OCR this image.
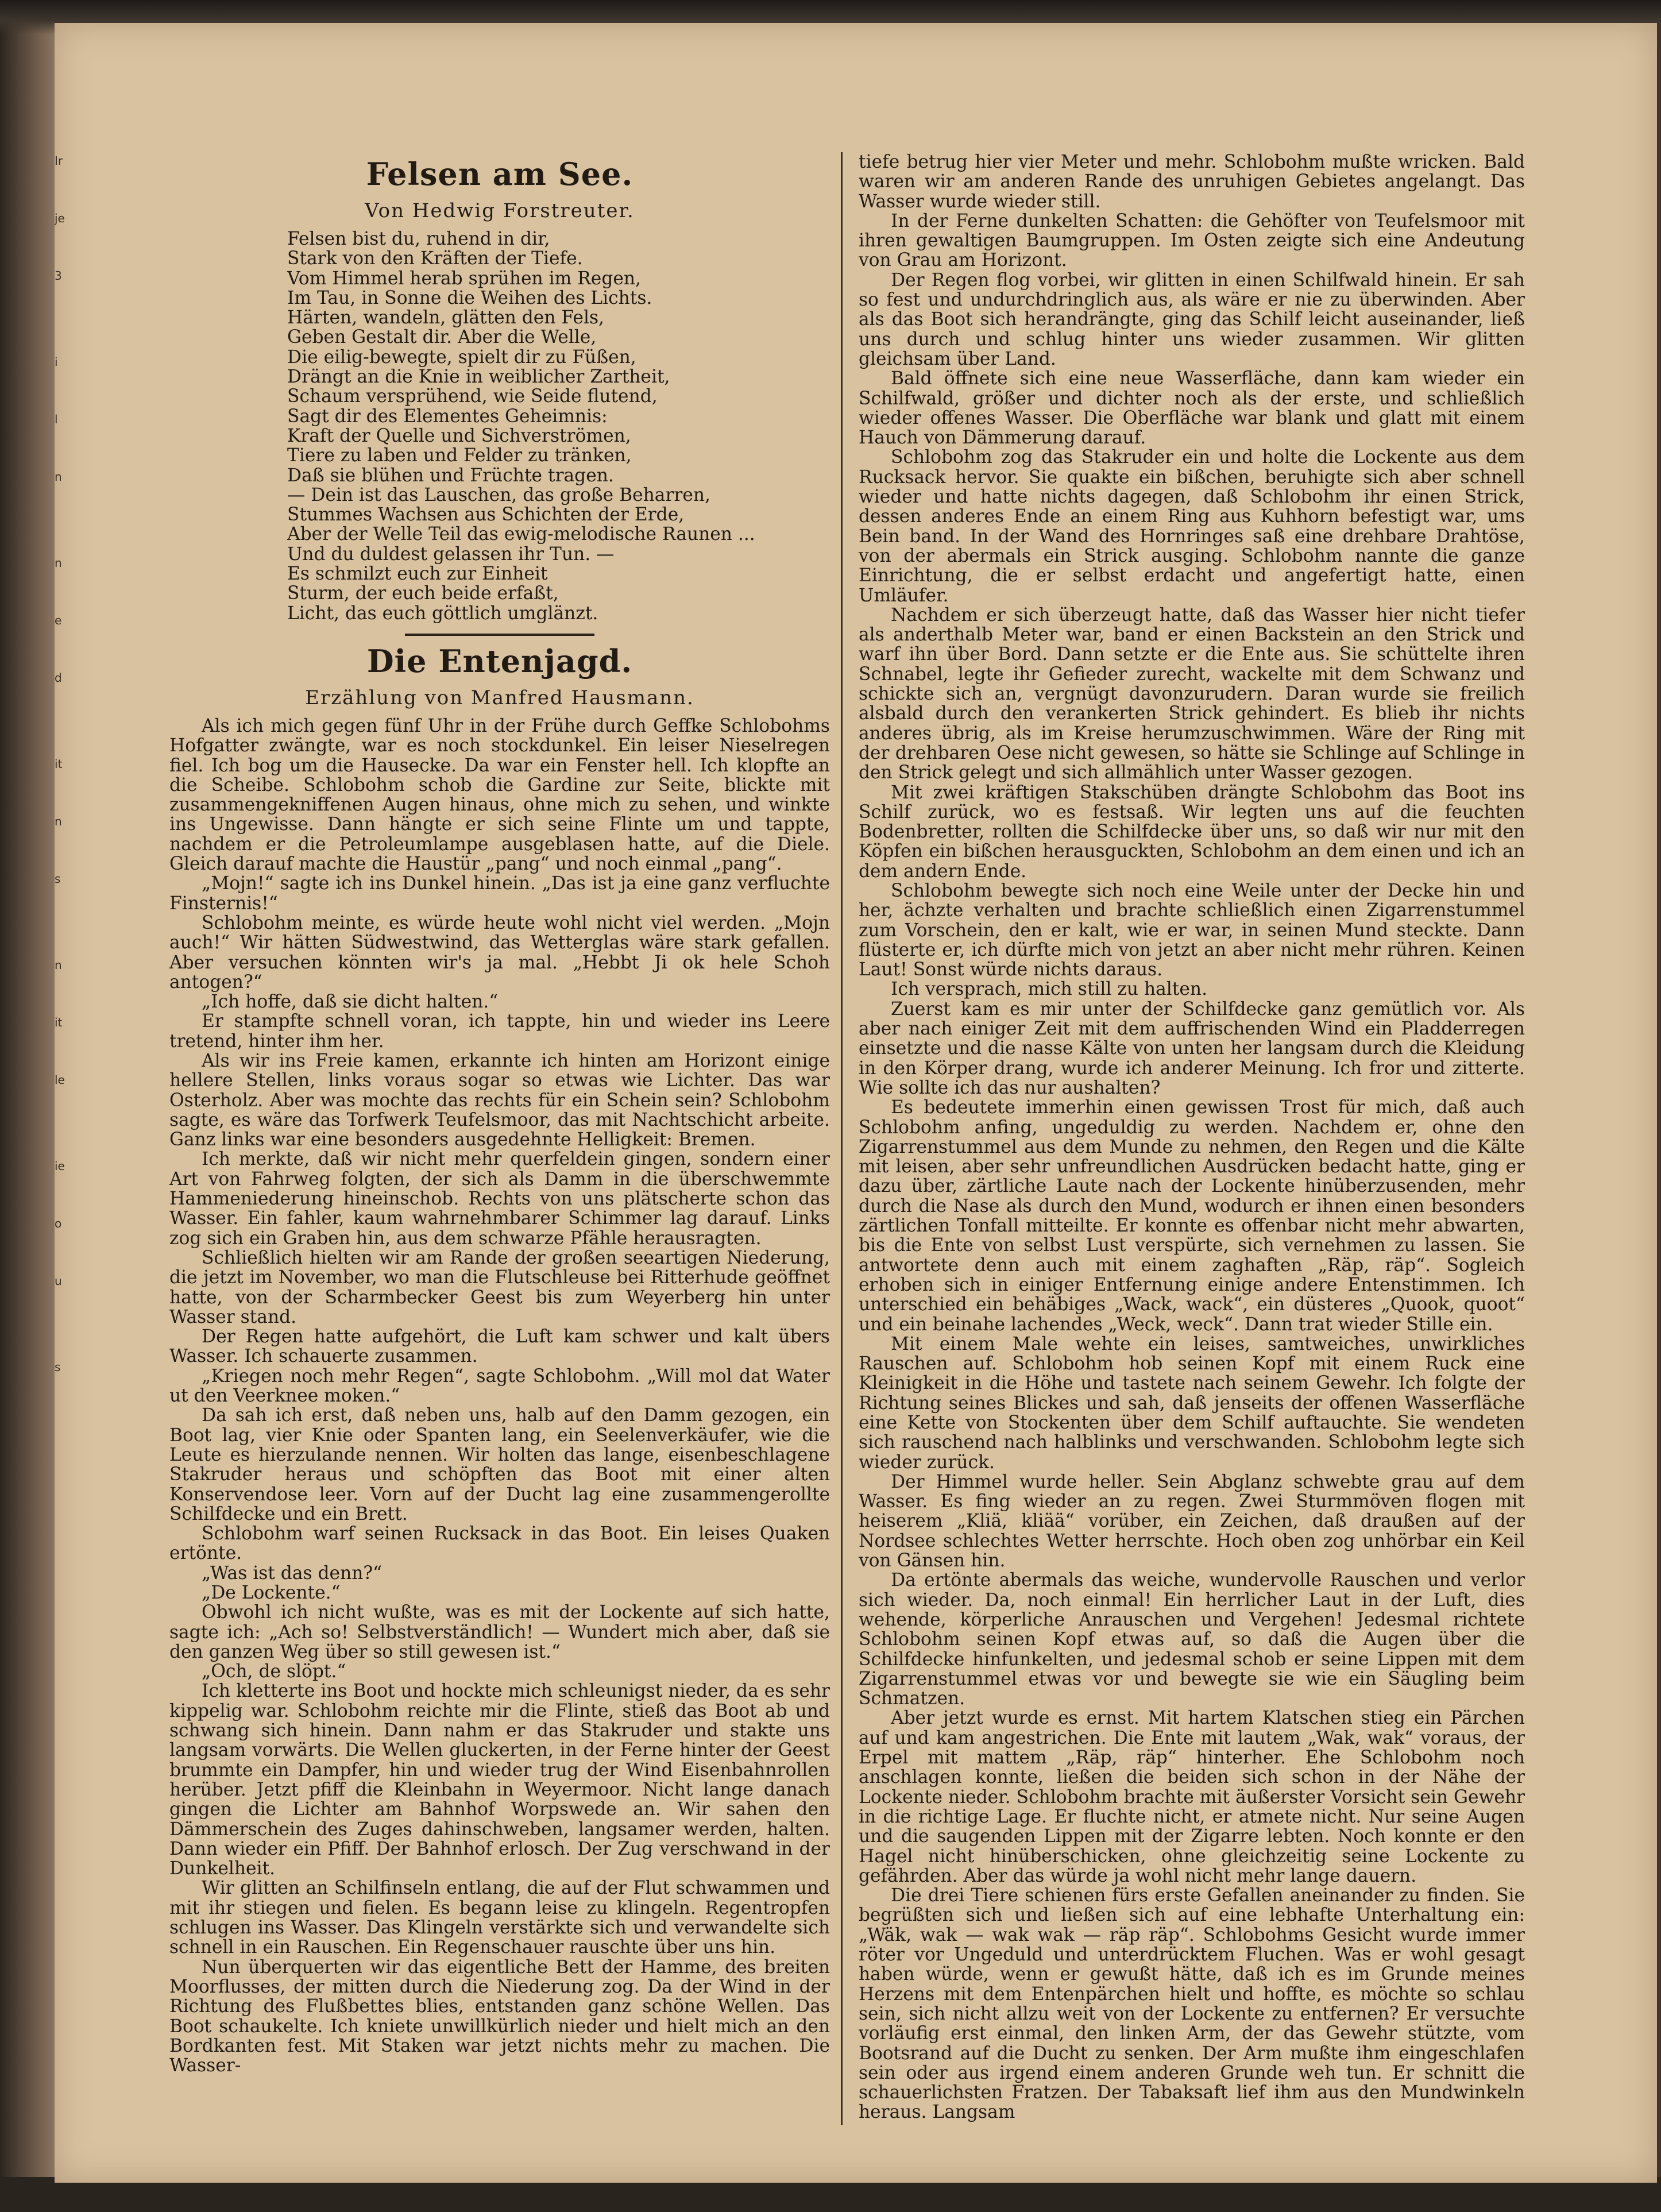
Ir
je
3
i
l
n
n
e
d
it
n
s
n
it
le
ie
o
u
s
Felsen am See.
Von Hedwig Forstreuter.
Felsen bist du, ruhend in dir,
Stark von den Kräften der Tiefe.
Vom Himmel herab sprühen im Regen,
Im Tau, in Sonne die Weihen des Lichts.
Härten, wandeln, glätten den Fels,
Geben Gestalt dir. Aber die Welle,
Die eilig-bewegte, spielt dir zu Füßen,
Drängt an die Knie in weiblicher Zartheit,
Schaum versprühend, wie Seide flutend,
Sagt dir des Elementes Geheimnis:
Kraft der Quelle und Sichverströmen,
Tiere zu laben und Felder zu tränken,
Daß sie blühen und Früchte tragen.
— Dein ist das Lauschen, das große Beharren,
Stummes Wachsen aus Schichten der Erde,
Aber der Welle Teil das ewig-melodische Raunen ...
Und du duldest gelassen ihr Tun. —
Es schmilzt euch zur Einheit
Sturm, der euch beide erfaßt,
Licht, das euch göttlich umglänzt.
Die Entenjagd.
Erzählung von Manfred Hausmann.
Als ich mich gegen fünf Uhr in der Frühe durch Geffke Schlobohms Hofgatter zwängte, war es noch stockdunkel. Ein leiser Nieselregen fiel. Ich bog um die Hausecke. Da war ein Fenster hell. Ich klopfte an die Scheibe. Schlobohm schob die Gardine zur Seite, blickte mit zusammengekniffenen Augen hinaus, ohne mich zu sehen, und winkte ins Ungewisse. Dann hängte er sich seine Flinte um und tappte, nachdem er die Petroleumlampe ausgeblasen hatte, auf die Diele. Gleich darauf machte die Haustür „pang“ und noch einmal „pang“.
„Mojn!“ sagte ich ins Dunkel hinein. „Das ist ja eine ganz verfluchte Finsternis!“
Schlobohm meinte, es würde heute wohl nicht viel werden. „Mojn auch!“ Wir hätten Südwestwind, das Wetterglas wäre stark gefallen. Aber versuchen könnten wir's ja mal. „Hebbt Ji ok hele Schoh antogen?“
„Ich hoffe, daß sie dicht halten.“
Er stampfte schnell voran, ich tappte, hin und wieder ins Leere tretend, hinter ihm her.
Als wir ins Freie kamen, erkannte ich hinten am Horizont einige hellere Stellen, links voraus sogar so etwas wie Lichter. Das war Osterholz. Aber was mochte das rechts für ein Schein sein? Schlobohm sagte, es wäre das Torfwerk Teufelsmoor, das mit Nachtschicht arbeite. Ganz links war eine besonders ausgedehnte Helligkeit: Bremen.
Ich merkte, daß wir nicht mehr querfeldein gingen, sondern einer Art von Fahrweg folgten, der sich als Damm in die überschwemmte Hammeniederung hineinschob. Rechts von uns plätscherte schon das Wasser. Ein fahler, kaum wahrnehmbarer Schimmer lag darauf. Links zog sich ein Graben hin, aus dem schwarze Pfähle herausragten.
Schließlich hielten wir am Rande der großen seeartigen Niederung, die jetzt im November, wo man die Flutschleuse bei Ritterhude geöffnet hatte, von der Scharmbecker Geest bis zum Weyerberg hin unter Wasser stand.
Der Regen hatte aufgehört, die Luft kam schwer und kalt übers Wasser. Ich schauerte zusammen.
„Kriegen noch mehr Regen“, sagte Schlobohm. „Will mol dat Water ut den Veerknee moken.“
Da sah ich erst, daß neben uns, halb auf den Damm gezogen, ein Boot lag, vier Knie oder Spanten lang, ein Seelenverkäufer, wie die Leute es hierzulande nennen. Wir holten das lange, eisenbeschlagene Stakruder heraus und schöpften das Boot mit einer alten Konservendose leer. Vorn auf der Ducht lag eine zusammengerollte Schilfdecke und ein Brett.
Schlobohm warf seinen Rucksack in das Boot. Ein leises Quaken ertönte.
„Was ist das denn?“
„De Lockente.“
Obwohl ich nicht wußte, was es mit der Lockente auf sich hatte, sagte ich: „Ach so! Selbstverständlich! — Wundert mich aber, daß sie den ganzen Weg über so still gewesen ist.“
„Och, de slöpt.“
Ich kletterte ins Boot und hockte mich schleunigst nieder, da es sehr kippelig war. Schlobohm reichte mir die Flinte, stieß das Boot ab und schwang sich hinein. Dann nahm er das Stakruder und stakte uns langsam vorwärts. Die Wellen gluckerten, in der Ferne hinter der Geest brummte ein Dampfer, hin und wieder trug der Wind Eisenbahnrollen herüber. Jetzt pfiff die Kleinbahn in Weyermoor. Nicht lange danach gingen die Lichter am Bahnhof Worpswede an. Wir sahen den Dämmerschein des Zuges dahinschweben, langsamer werden, halten. Dann wieder ein Pfiff. Der Bahnhof erlosch. Der Zug verschwand in der Dunkelheit.
Wir glitten an Schilfinseln entlang, die auf der Flut schwammen und mit ihr stiegen und fielen. Es begann leise zu klingeln. Regentropfen schlugen ins Wasser. Das Klingeln verstärkte sich und verwandelte sich schnell in ein Rauschen. Ein Regenschauer rauschte über uns hin.
Nun überquerten wir das eigentliche Bett der Hamme, des breiten Moorflusses, der mitten durch die Niederung zog. Da der Wind in der Richtung des Flußbettes blies, entstanden ganz schöne Wellen. Das Boot schaukelte. Ich kniete unwillkürlich nieder und hielt mich an den Bordkanten fest. Mit Staken war jetzt nichts mehr zu machen. Die Wasser-
tiefe betrug hier vier Meter und mehr. Schlobohm mußte wricken. Bald waren wir am anderen Rande des unruhigen Gebietes angelangt. Das Wasser wurde wieder still.
In der Ferne dunkelten Schatten: die Gehöfter von Teufelsmoor mit ihren gewaltigen Baumgruppen. Im Osten zeigte sich eine Andeutung von Grau am Horizont.
Der Regen flog vorbei, wir glitten in einen Schilfwald hinein. Er sah so fest und undurchdringlich aus, als wäre er nie zu überwinden. Aber als das Boot sich herandrängte, ging das Schilf leicht auseinander, ließ uns durch und schlug hinter uns wieder zusammen. Wir glitten gleichsam über Land.
Bald öffnete sich eine neue Wasserfläche, dann kam wieder ein Schilfwald, größer und dichter noch als der erste, und schließlich wieder offenes Wasser. Die Oberfläche war blank und glatt mit einem Hauch von Dämmerung darauf.
Schlobohm zog das Stakruder ein und holte die Lockente aus dem Rucksack hervor. Sie quakte ein bißchen, beruhigte sich aber schnell wieder und hatte nichts dagegen, daß Schlobohm ihr einen Strick, dessen anderes Ende an einem Ring aus Kuhhorn befestigt war, ums Bein band. In der Wand des Hornringes saß eine drehbare Drahtöse, von der abermals ein Strick ausging. Schlobohm nannte die ganze Einrichtung, die er selbst erdacht und angefertigt hatte, einen Umläufer.
Nachdem er sich überzeugt hatte, daß das Wasser hier nicht tiefer als anderthalb Meter war, band er einen Backstein an den Strick und warf ihn über Bord. Dann setzte er die Ente aus. Sie schüttelte ihren Schnabel, legte ihr Gefieder zurecht, wackelte mit dem Schwanz und schickte sich an, vergnügt davonzurudern. Daran wurde sie freilich alsbald durch den verankerten Strick gehindert. Es blieb ihr nichts anderes übrig, als im Kreise herumzuschwimmen. Wäre der Ring mit der drehbaren Oese nicht gewesen, so hätte sie Schlinge auf Schlinge in den Strick gelegt und sich allmählich unter Wasser gezogen.
Mit zwei kräftigen Stakschüben drängte Schlobohm das Boot ins Schilf zurück, wo es festsaß. Wir legten uns auf die feuchten Bodenbretter, rollten die Schilfdecke über uns, so daß wir nur mit den Köpfen ein bißchen herausguckten, Schlobohm an dem einen und ich an dem andern Ende.
Schlobohm bewegte sich noch eine Weile unter der Decke hin und her, ächzte verhalten und brachte schließlich einen Zigarrenstummel zum Vorschein, den er kalt, wie er war, in seinen Mund steckte. Dann flüsterte er, ich dürfte mich von jetzt an aber nicht mehr rühren. Keinen Laut! Sonst würde nichts daraus.
Ich versprach, mich still zu halten.
Zuerst kam es mir unter der Schilfdecke ganz gemütlich vor. Als aber nach einiger Zeit mit dem auffrischenden Wind ein Pladderregen einsetzte und die nasse Kälte von unten her langsam durch die Kleidung in den Körper drang, wurde ich anderer Meinung. Ich fror und zitterte. Wie sollte ich das nur aushalten?
Es bedeutete immerhin einen gewissen Trost für mich, daß auch Schlobohm anfing, ungeduldig zu werden. Nachdem er, ohne den Zigarrenstummel aus dem Munde zu nehmen, den Regen und die Kälte mit leisen, aber sehr unfreundlichen Ausdrücken bedacht hatte, ging er dazu über, zärtliche Laute nach der Lockente hinüberzusenden, mehr durch die Nase als durch den Mund, wodurch er ihnen einen besonders zärtlichen Tonfall mitteilte. Er konnte es offenbar nicht mehr abwarten, bis die Ente von selbst Lust verspürte, sich vernehmen zu lassen. Sie antwortete denn auch mit einem zaghaften „Räp, räp“. Sogleich erhoben sich in einiger Entfernung einige andere Entenstimmen. Ich unterschied ein behäbiges „Wack, wack“, ein düsteres „Quook, quoot“ und ein beinahe lachendes „Weck, weck“. Dann trat wieder Stille ein.
Mit einem Male wehte ein leises, samtweiches, unwirkliches Rauschen auf. Schlobohm hob seinen Kopf mit einem Ruck eine Kleinigkeit in die Höhe und tastete nach seinem Gewehr. Ich folgte der Richtung seines Blickes und sah, daß jenseits der offenen Wasserfläche eine Kette von Stockenten über dem Schilf auftauchte. Sie wendeten sich rauschend nach halblinks und verschwanden. Schlobohm legte sich wieder zurück.
Der Himmel wurde heller. Sein Abglanz schwebte grau auf dem Wasser. Es fing wieder an zu regen. Zwei Sturmmöven flogen mit heiserem „Kliä, kliää“ vorüber, ein Zeichen, daß draußen auf der Nordsee schlechtes Wetter herrschte. Hoch oben zog unhörbar ein Keil von Gänsen hin.
Da ertönte abermals das weiche, wundervolle Rauschen und verlor sich wieder. Da, noch einmal! Ein herrlicher Laut in der Luft, dies wehende, körperliche Anrauschen und Vergehen! Jedesmal richtete Schlobohm seinen Kopf etwas auf, so daß die Augen über die Schilfdecke hinfunkelten, und jedesmal schob er seine Lippen mit dem Zigarrenstummel etwas vor und bewegte sie wie ein Säugling beim Schmatzen.
Aber jetzt wurde es ernst. Mit hartem Klatschen stieg ein Pärchen auf und kam angestrichen. Die Ente mit lautem „Wak, wak“ voraus, der Erpel mit mattem „Räp, räp“ hinterher. Ehe Schlobohm noch anschlagen konnte, ließen die beiden sich schon in der Nähe der Lockente nieder. Schlobohm brachte mit äußerster Vorsicht sein Gewehr in die richtige Lage. Er fluchte nicht, er atmete nicht. Nur seine Augen und die saugenden Lippen mit der Zigarre lebten. Noch konnte er den Hagel nicht hinüberschicken, ohne gleichzeitig seine Lockente zu gefährden. Aber das würde ja wohl nicht mehr lange dauern.
Die drei Tiere schienen fürs erste Gefallen aneinander zu finden. Sie begrüßten sich und ließen sich auf eine lebhafte Unterhaltung ein: „Wäk, wak — wak wak — räp räp“. Schlobohms Gesicht wurde immer röter vor Ungeduld und unterdrücktem Fluchen. Was er wohl gesagt haben würde, wenn er gewußt hätte, daß ich es im Grunde meines Herzens mit dem Entenpärchen hielt und hoffte, es möchte so schlau sein, sich nicht allzu weit von der Lockente zu entfernen? Er versuchte vorläufig erst einmal, den linken Arm, der das Gewehr stützte, vom Bootsrand auf die Ducht zu senken. Der Arm mußte ihm eingeschlafen sein oder aus irgend einem anderen Grunde weh tun. Er schnitt die schauerlichsten Fratzen. Der Tabaksaft lief ihm aus den Mundwinkeln heraus. Langsam
